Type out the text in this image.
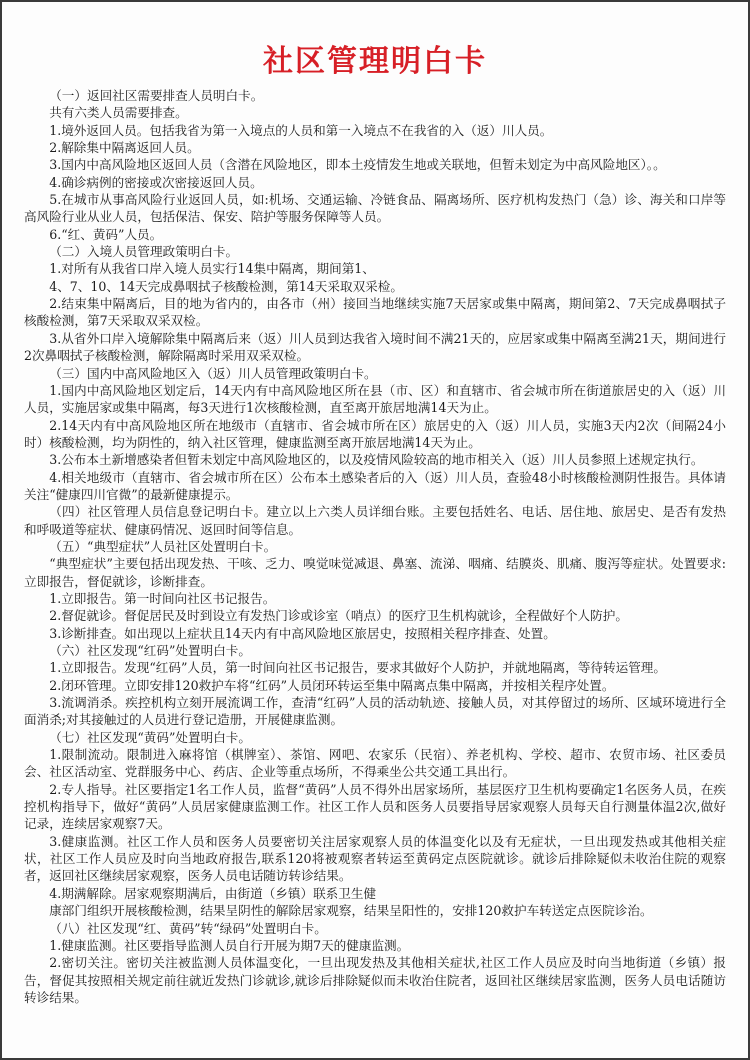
社区管理明白卡

（一）返回社区需要排查人员明白卡。

共有六类人员需要排查。

1.境外返回人员。包括我省为第一入境点的人员和第一入境点不在我省的入（返）川人员。

2.解除集中隔离返回人员。

3.国内中高风险地区返回人员（含潜在风险地区，即本土疫情发生地或关联地，但暂未划定为中高风险地区）。。

4.确诊病例的密接或次密接返回人员。

5.在城市从事高风险行业返回人员，如:机场、交通运输、冷链食品、隔离场所、医疗机构发热门（急）诊、海关和口岸等高风险行业从业人员，包括保洁、保安、陪护等服务保障等人员。

6.“红、黄码”人员。

（二）入境人员管理政策明白卡。

1.对所有从我省口岸入境人员实行14集中隔离，期间第1、

4、7、10、14天完成鼻咽拭子核酸检测，第14天采取双采检。

2.结束集中隔离后，目的地为省内的，由各市（州）接回当地继续实施7天居家或集中隔离，期间第2、7天完成鼻咽拭子核酸检测，第7天采取双采双检。

3.从省外口岸入境解除集中隔离后来（返）川人员到达我省入境时间不满21天的，应居家或集中隔离至满21天，期间进行2次鼻咽拭子核酸检测，解除隔离时采用双采双检。

（三）国内中高风险地区入（返）川人员管理政策明白卡。

1.国内中高风险地区划定后，14天内有中高风险地区所在县（市、区）和直辖市、省会城市所在街道旅居史的入（返）川人员，实施居家或集中隔离，每3天进行1次核酸检测，直至离开旅居地满14天为止。

2.14天内有中高风险地区所在地级市（直辖市、省会城市所在区）旅居史的入（返）川人员，实施3天内2次（间隔24小时）核酸检测，均为阴性的，纳入社区管理，健康监测至离开旅居地满14天为止。

3.公布本土新增感染者但暂未划定中高风险地区的，以及疫情风险较高的地市相关入（返）川人员参照上述规定执行。

4.相关地级市（直辖市、省会城市所在区）公布本土感染者后的入（返）川人员，查验48小时核酸检测阴性报告。具体请关注“健康四川官微”的最新健康提示。

（四）社区管理人员信息登记明白卡。建立以上六类人员详细台账。主要包括姓名、电话、居住地、旅居史、是否有发热和呼吸道等症状、健康码情况、返回时间等信息。

（五）“典型症状”人员社区处置明白卡。

“典型症状”主要包括出现发热、干咳、乏力、嗅觉味觉减退、鼻塞、流涕、咽痛、结膜炎、肌痛、腹泻等症状。处置要求:立即报告，督促就诊，诊断排查。

1.立即报告。第一时间向社区书记报告。

2.督促就诊。督促居民及时到设立有发热门诊或诊室（哨点）的医疗卫生机构就诊，全程做好个人防护。

3.诊断排查。如出现以上症状且14天内有中高风险地区旅居史，按照相关程序排查、处置。

（六）社区发现“红码”处置明白卡。

1.立即报告。发现“红码”人员，第一时间向社区书记报告，要求其做好个人防护，并就地隔离，等待转运管理。

2.闭环管理。立即安排120救护车将“红码”人员闭环转运至集中隔离点集中隔离，并按相关程序处置。

3.流调消杀。疾控机构立刻开展流调工作，查清“红码”人员的活动轨迹、接触人员，对其停留过的场所、区域环境进行全面消杀;对其接触过的人员进行登记造册，开展健康监测。

（七）社区发现“黄码”处置明白卡。

1.限制流动。限制进入麻将馆（棋牌室）、茶馆、网吧、农家乐（民宿）、养老机构、学校、超市、农贸市场、社区委员会、社区活动室、党群服务中心、药店、企业等重点场所，不得乘坐公共交通工具出行。

2.专人指导。社区要指定1名工作人员，监督“黄码”人员不得外出居家场所，基层医疗卫生机构要确定1名医务人员，在疾控机构指导下，做好“黄码”人员居家健康监测工作。社区工作人员和医务人员要指导居家观察人员每天自行测量体温2次,做好记录，连续居家观察7天。

3.健康监测。社区工作人员和医务人员要密切关注居家观察人员的体温变化以及有无症状，一旦出现发热或其他相关症状，社区工作人员应及时向当地政府报告,联系120将被观察者转运至黄码定点医院就诊。就诊后排除疑似未收治住院的观察者，返回社区继续居家观察，医务人员电话随访转诊结果。

4.期满解除。居家观察期满后，由街道（乡镇）联系卫生健

康部门组织开展核酸检测，结果呈阴性的解除居家观察，结果呈阳性的，安排120救护车转送定点医院诊治。

（八）社区发现“红、黄码”转“绿码”处置明白卡。

1.健康监测。社区要指导监测人员自行开展为期7天的健康监测。

2.密切关注。密切关注被监测人员体温变化，一旦出现发热及其他相关症状,社区工作人员应及时向当地街道（乡镇）报告，督促其按照相关规定前往就近发热门诊就诊,就诊后排除疑似而未收治住院者，返回社区继续居家监测，医务人员电话随访转诊结果。
